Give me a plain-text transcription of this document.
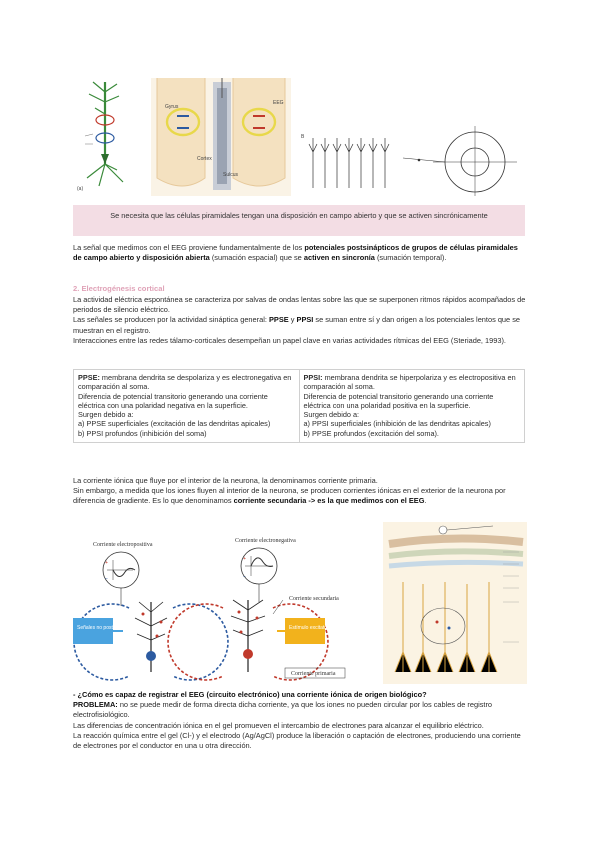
(a)
Gyrus
EEG
Cortex
Sulcus
B
Se necesita que las células piramidales tengan una disposición en campo abierto y que se activen sincrónicamente
La señal que medimos con el EEG proviene fundamentalmente de los potenciales postsinápticos de grupos de células piramidales de campo abierto y disposición abierta (sumación espacial) que se activen en sincronía (sumación temporal).
2. Electrogénesis cortical
La actividad eléctrica espontánea se caracteriza por salvas de ondas lentas sobre las que se superponen ritmos rápidos acompañados de periodos de silencio eléctrico.
Las señales se producen por la actividad sináptica general: PPSE y PPSI se suman entre sí y dan origen a los potenciales lentos que se muestran en el registro.
Interacciones entre las redes tálamo-corticales desempeñan un papel clave en varias actividades rítmicas del EEG (Steriade, 1993).
PPSE: membrana dendrita se despolariza y es electronegativa en comparación al soma.
Diferencia de potencial transitorio generando una corriente eléctrica con una polaridad negativa en la superficie.
Surgen debido a:
a) PPSE superficiales (excitación de las dendritas apicales)
b) PPSI profundos (inhibición del soma)

PPSI: membrana dendrita se hiperpolariza y es electropositiva en comparación al soma.
Diferencia de potencial transitorio generando una corriente eléctrica con una polaridad positiva en la superficie.
Surgen debido a:
a) PPSI superficiales (inhibición de las dendritas apicales)
b) PPSE profundos (excitación del soma).
La corriente iónica que fluye por el interior de la neurona, la denominamos corriente primaria.
Sin embargo, a medida que los iones fluyen al interior de la neurona, se producen corrientes iónicas en el exterior de la neurona por diferencia de gradiente. Es lo que denominamos corriente secundaria -> es la que medimos con el EEG.
Corriente electropositiva
+
−
Corriente electronegativa
+
−
Señales no postsinápticas	Estímulo excitatorio
Corriente secundaria
Corriente primaria
- ¿Cómo es capaz de registrar el EEG (circuito electrónico) una corriente iónica de origen biológico?
PROBLEMA: no se puede medir de forma directa dicha corriente, ya que los iones no pueden circular por los cables de registro electrofisiológico.
Las diferencias de concentración iónica en el gel promueven el intercambio de electrones para alcanzar el equilibrio eléctrico.
La reacción química entre el gel (Cl-) y el electrodo (Ag/AgCl) produce la liberación o captación de electrones, produciendo una corriente de electrones por el conductor en una u otra dirección.
